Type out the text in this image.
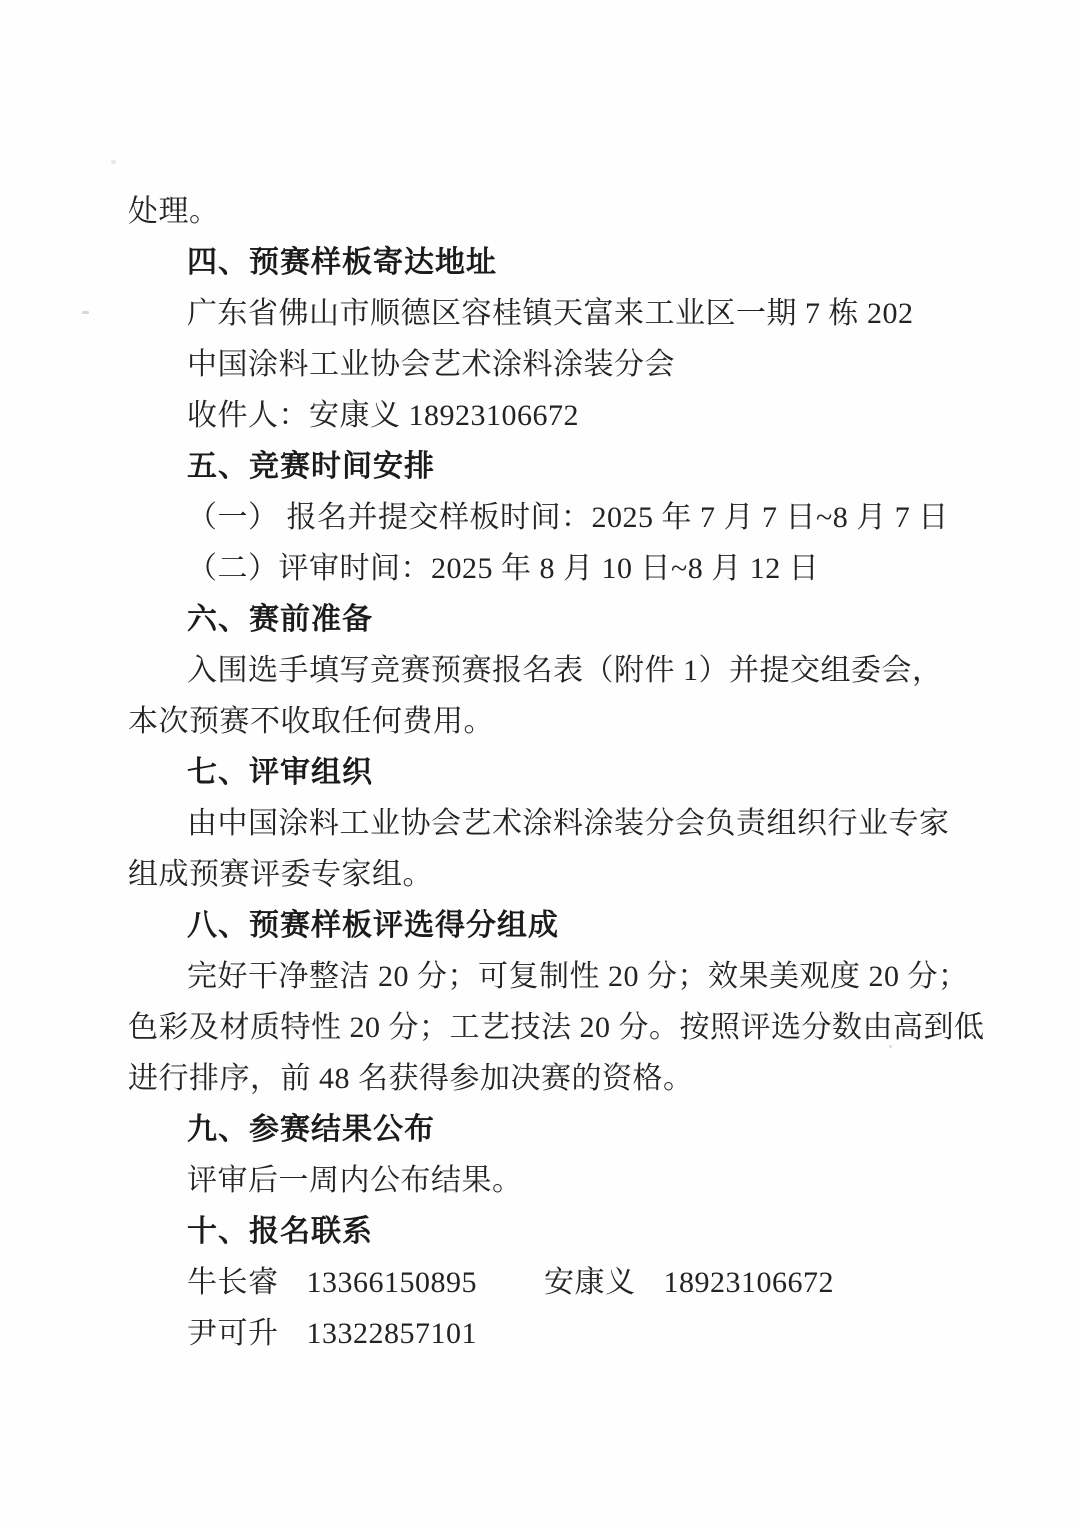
处理。
四、预赛样板寄达地址
广东省佛山市顺德区容桂镇天富来工业区一期 7 栋 202
中国涂料工业协会艺术涂料涂装分会
收件人：安康义 18923106672
五、竞赛时间安排
（一） 报名并提交样板时间：2025 年 7 月 7 日~8 月 7 日
（二）评审时间：2025 年 8 月 10 日~8 月 12 日
六、赛前准备
入围选手填写竞赛预赛报名表（附件 1）并提交组委会，
本次预赛不收取任何费用。
七、评审组织
由中国涂料工业协会艺术涂料涂装分会负责组织行业专家
组成预赛评委专家组。
八、预赛样板评选得分组成
完好干净整洁 20 分；可复制性 20 分；效果美观度 20 分；
色彩及材质特性 20 分；工艺技法 20 分。按照评选分数由高到低
进行排序，前 48 名获得参加决赛的资格。
九、参赛结果公布
评审后一周内公布结果。
十、报名联系
牛长睿 13366150895 安康义 18923106672
尹可升 13322857101
